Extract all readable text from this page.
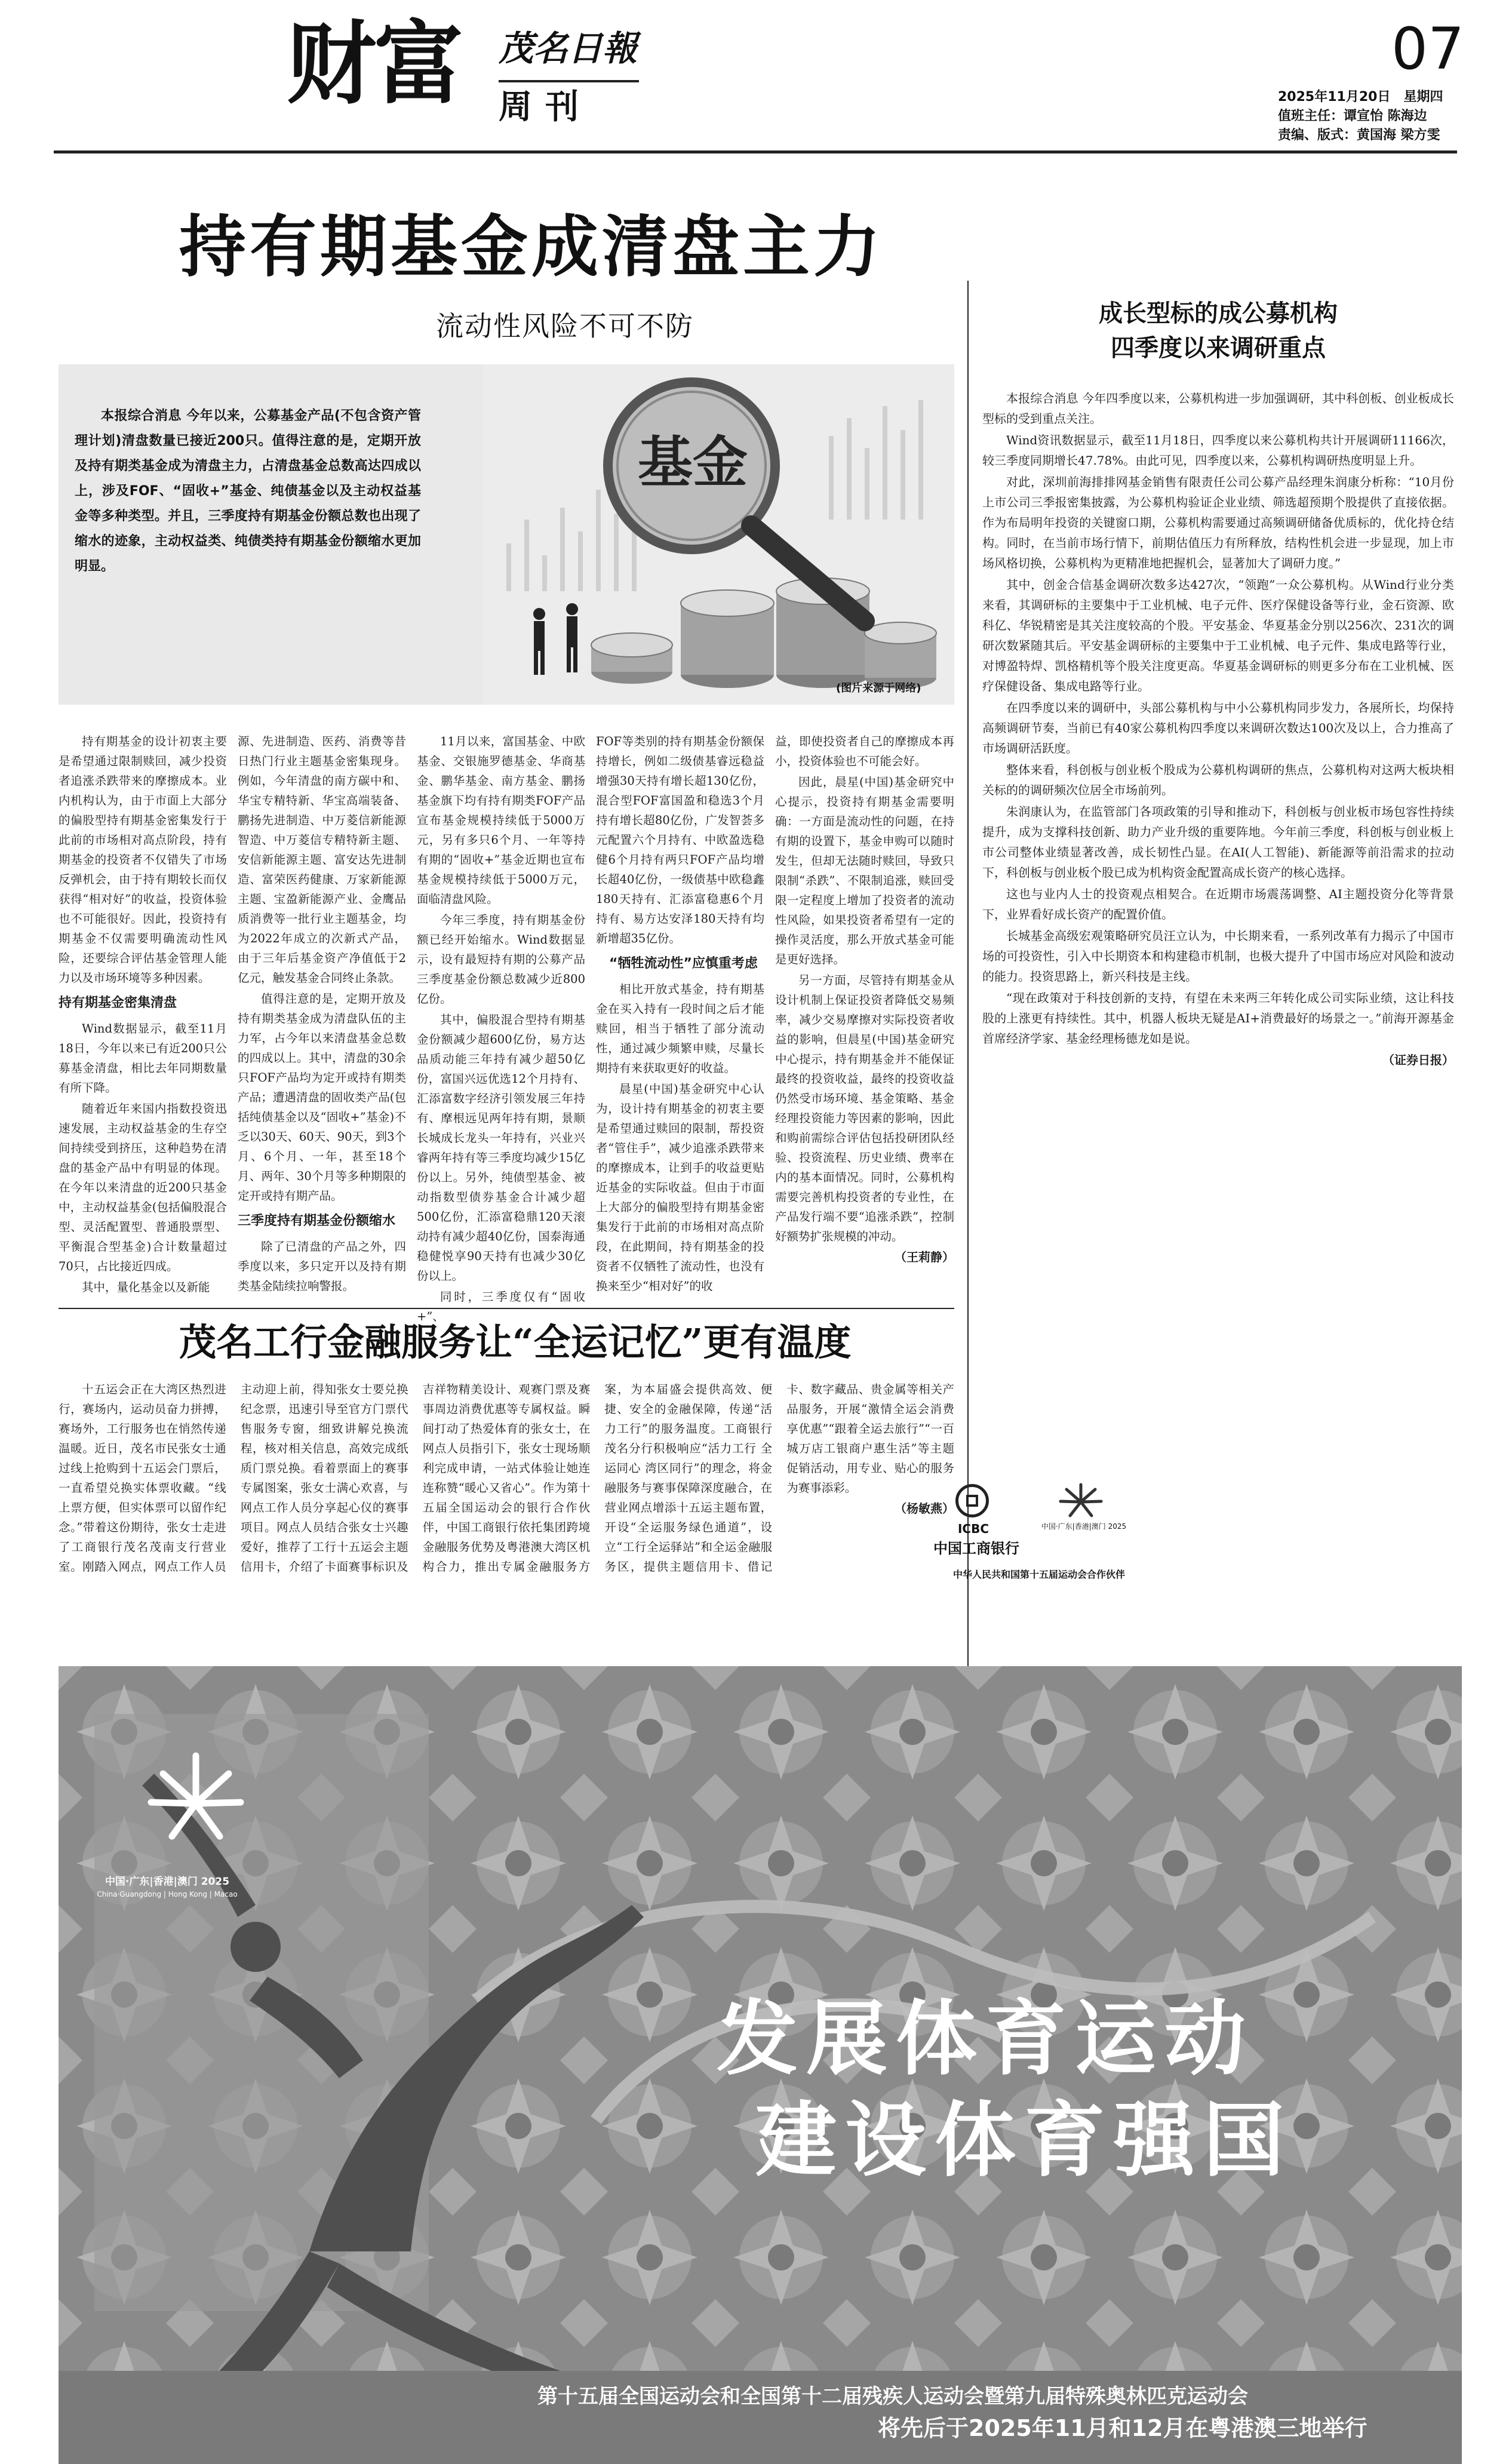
财富 茂名日報
周刊
07
2025年11月20日　星期四
值班主任：谭宣怡 陈海边
责编、版式：黄国海 梁方雯
持有期基金成清盘主力
流动性风险不可不防
本报综合消息 今年以来，公募基金产品(不包含资产管理计划)清盘数量已接近200只。值得注意的是，定期开放及持有期类基金成为清盘主力，占清盘基金总数高达四成以上，涉及FOF、“固收+”基金、纯债基金以及主动权益基金等多种类型。并且，三季度持有期基金份额总数也出现了缩水的迹象，主动权益类、纯债类持有期基金份额缩水更加明显。
基金
(图片来源于网络)

持有期基金的设计初衷主要是希望通过限制赎回，减少投资者追涨杀跌带来的摩擦成本。业内机构认为，由于市面上大部分的偏股型持有期基金密集发行于此前的市场相对高点阶段，持有期基金的投资者不仅错失了市场反弹机会，由于持有期较长而仅获得“相对好”的收益，投资体验也不可能很好。因此，投资持有期基金不仅需要明确流动性风险，还要综合评估基金管理人能力以及市场环境等多种因素。

持有期基金密集清盘

Wind数据显示，截至11月18日，今年以来已有近200只公募基金清盘，相比去年同期数量有所下降。

随着近年来国内指数投资迅速发展，主动权益基金的生存空间持续受到挤压，这种趋势在清盘的基金产品中有明显的体现。在今年以来清盘的近200只基金中，主动权益基金(包括偏股混合型、灵活配置型、普通股票型、平衡混合型基金)合计数量超过70只，占比接近四成。

其中，量化基金以及新能

源、先进制造、医药、消费等昔日热门行业主题基金密集现身。例如，今年清盘的南方碳中和、华宝专精特新、华宝高端装备、鹏扬先进制造、中万菱信新能源智造、中万菱信专精特新主题、安信新能源主题、富安达先进制造、富荣医药健康、万家新能源主题、宝盈新能源产业、金鹰品质消费等一批行业主题基金，均为2022年成立的次新式产品，由于三年后基金资产净值低于2亿元，触发基金合同终止条款。

值得注意的是，定期开放及持有期类基金成为清盘队伍的主力军，占今年以来清盘基金总数的四成以上。其中，清盘的30余只FOF产品均为定开或持有期类产品；遭遇清盘的固收类产品(包括纯债基金以及“固收+”基金)不乏以30天、60天、90天，到3个月、6个月、一年，甚至18个月、两年、30个月等多种期限的定开或持有期产品。

三季度持有期基金份额缩水

除了已清盘的产品之外，四季度以来，多只定开以及持有期类基金陆续拉响警报。

11月以来，富国基金、中欧基金、交银施罗德基金、华商基金、鹏华基金、南方基金、鹏扬基金旗下均有持有期类FOF产品宣布基金规模持续低于5000万元，另有多只6个月、一年等持有期的“固收+”基金近期也宣布基金规模持续低于5000万元，面临清盘风险。

今年三季度，持有期基金份额已经开始缩水。Wind数据显示，设有最短持有期的公募产品三季度基金份额总数减少近800亿份。

其中，偏股混合型持有期基金份额减少超600亿份，易方达品质动能三年持有减少超50亿份，富国兴远优选12个月持有、汇添富数字经济引领发展三年持有、摩根远见两年持有期，景顺长城成长龙头一年持有，兴业兴睿两年持有等三季度均减少15亿份以上。另外，纯债型基金、被动指数型债券基金合计减少超500亿份，汇添富稳鼎120天滚动持有减少超40亿份，国泰海通稳健悦享90天持有也减少30亿份以上。

同时，三季度仅有“固收+”、

FOF等类别的持有期基金份额保持增长，例如二级债基睿远稳益增强30天持有增长超130亿份，混合型FOF富国盈和稳选3个月持有增长超80亿份，广发智荟多元配置六个月持有、中欧盈选稳健6个月持有两只FOF产品均增长超40亿份，一级债基中欧稳鑫180天持有、汇添富稳惠6个月持有、易方达安泽180天持有均新增超35亿份。

“牺牲流动性”应慎重考虑

相比开放式基金，持有期基金在买入持有一段时间之后才能赎回，相当于牺牲了部分流动性，通过减少频繁申赎，尽量长期持有来获取更好的收益。

晨星(中国)基金研究中心认为，设计持有期基金的初衷主要是希望通过赎回的限制，帮投资者“管住手”，减少追涨杀跌带来的摩擦成本，让到手的收益更贴近基金的实际收益。但由于市面上大部分的偏股型持有期基金密集发行于此前的市场相对高点阶段，在此期间，持有期基金的投资者不仅牺牲了流动性，也没有换来至少“相对好”的收

益，即使投资者自己的摩擦成本再小，投资体验也不可能会好。

因此，晨星(中国)基金研究中心提示，投资持有期基金需要明确：一方面是流动性的问题，在持有期的设置下，基金申购可以随时发生，但却无法随时赎回，导致只限制“杀跌”、不限制追涨，赎回受限一定程度上增加了投资者的流动性风险，如果投资者希望有一定的操作灵活度，那么开放式基金可能是更好选择。

另一方面，尽管持有期基金从设计机制上保证投资者降低交易频率，减少交易摩擦对实际投资者收益的影响，但晨星(中国)基金研究中心提示，持有期基金并不能保证最终的投资收益，最终的投资收益仍然受市场环境、基金策略、基金经理投资能力等因素的影响，因此和购前需综合评估包括投研团队经验、投资流程、历史业绩、费率在内的基本面情况。同时，公募机构需要完善机构投资者的专业性，在产品发行端不要“追涨杀跌”，控制好额势扩张规模的冲动。

（王莉静）
成长型标的成公募机构
四季度以来调研重点

本报综合消息 今年四季度以来，公募机构进一步加强调研，其中科创板、创业板成长型标的受到重点关注。

Wind资讯数据显示，截至11月18日，四季度以来公募机构共计开展调研11166次，较三季度同期增长47.78%。由此可见，四季度以来，公募机构调研热度明显上升。

对此，深圳前海排排网基金销售有限责任公司公募产品经理朱润康分析称：“10月份上市公司三季报密集披露，为公募机构验证企业业绩、筛选超预期个股提供了直接依据。作为布局明年投资的关键窗口期，公募机构需要通过高频调研储备优质标的，优化持仓结构。同时，在当前市场行情下，前期估值压力有所释放，结构性机会进一步显现，加上市场风格切换，公募机构为更精准地把握机会，显著加大了调研力度。”

其中，创金合信基金调研次数多达427次，“领跑”一众公募机构。从Wind行业分类来看，其调研标的主要集中于工业机械、电子元件、医疗保健设备等行业，金石资源、欧科亿、华锐精密是其关注度较高的个股。平安基金、华夏基金分别以256次、231次的调研次数紧随其后。平安基金调研标的主要集中于工业机械、电子元件、集成电路等行业，对博盈特焊、凯格精机等个股关注度更高。华夏基金调研标的则更多分布在工业机械、医疗保健设备、集成电路等行业。

在四季度以来的调研中，头部公募机构与中小公募机构同步发力，各展所长，均保持高频调研节奏，当前已有40家公募机构四季度以来调研次数达100次及以上，合力推高了市场调研活跃度。

整体来看，科创板与创业板个股成为公募机构调研的焦点，公募机构对这两大板块相关标的的调研频次位居全市场前列。

朱润康认为，在监管部门各项政策的引导和推动下，科创板与创业板市场包容性持续提升，成为支撑科技创新、助力产业升级的重要阵地。今年前三季度，科创板与创业板上市公司整体业绩显著改善，成长韧性凸显。在AI(人工智能)、新能源等前沿需求的拉动下，科创板与创业板个股已成为机构资金配置高成长资产的核心选择。

这也与业内人士的投资观点相契合。在近期市场震荡调整、AI主题投资分化等背景下，业界看好成长资产的配置价值。

长城基金高级宏观策略研究员汪立认为，中长期来看，一系列改革有力揭示了中国市场的可投资性，引入中长期资本和构建稳市机制，也极大提升了中国市场应对风险和波动的能力。投资思路上，新兴科技是主线。

“现在政策对于科技创新的支持，有望在未来两三年转化成公司实际业绩，这让科技股的上涨更有持续性。其中，机器人板块无疑是AI+消费最好的场景之一。”前海开源基金首席经济学家、基金经理杨德龙如是说。

（证券日报）
茂名工行金融服务让“全运记忆”更有温度

十五运会正在大湾区热烈进行，赛场内，运动员奋力拼搏，赛场外，工行服务也在悄然传递温暖。近日，茂名市民张女士通过线上抢购到十五运会门票后，一直希望兑换实体票收藏。“线上票方便，但实体票可以留作纪念。”带着这份期待，张女士走进了工商银行茂名茂南支行营业室。刚踏入网点，网点工作人员主动迎上前，得知张女士要兑换纪念票，迅速引导至官方门票代售服务专窗，细致讲解兑换流程，核对相关信息，高效完成纸质门票兑换。看着票面上的赛事专属图案，张女士满心欢喜，与网点工作人员分享起心仪的赛事项目。网点人员结合张女士兴趣爱好，推荐了工行十五运会主题信用卡，介绍了卡面赛事标识及吉祥物精美设计、观赛门票及赛事周边消费优惠等专属权益。瞬间打动了热爱体育的张女士，在网点人员指引下，张女士现场顺利完成申请，一站式体验让她连连称赞“暖心又省心”。作为第十五届全国运动会的银行合作伙伴，中国工商银行依托集团跨境金融服务优势及粤港澳大湾区机构合力，推出专属金融服务方案，为本届盛会提供高效、便捷、安全的金融保障，传递“活力工行”的服务温度。工商银行茂名分行积极响应“活力工行 全运同心 湾区同行”的理念，将金融服务与赛事保障深度融合，在营业网点增添十五运主题布置，开设“全运服务绿色通道”，设立“工行全运驿站”和全运金融服务区，提供主题信用卡、借记卡、数字藏品、贵金属等相关产品服务，开展“激情全运会消费享优惠”“跟着全运去旅行”“一百城万店工银商户惠生活”等主题促销活动，用专业、贴心的服务为赛事添彩。

（杨敏燕）
ICBC
中国工商银行
中国·广东|香港|澳门 2025
中华人民共和国第十五届运动会合作伙伴
中国·广东|香港|澳门 2025
China·Guangdong | Hong Kong | Macao
发展体育运动
建设体育强国
第十五届全国运动会和全国第十二届残疾人运动会暨第九届特殊奥林匹克运动会
将先后于2025年11月和12月在粤港澳三地举行
